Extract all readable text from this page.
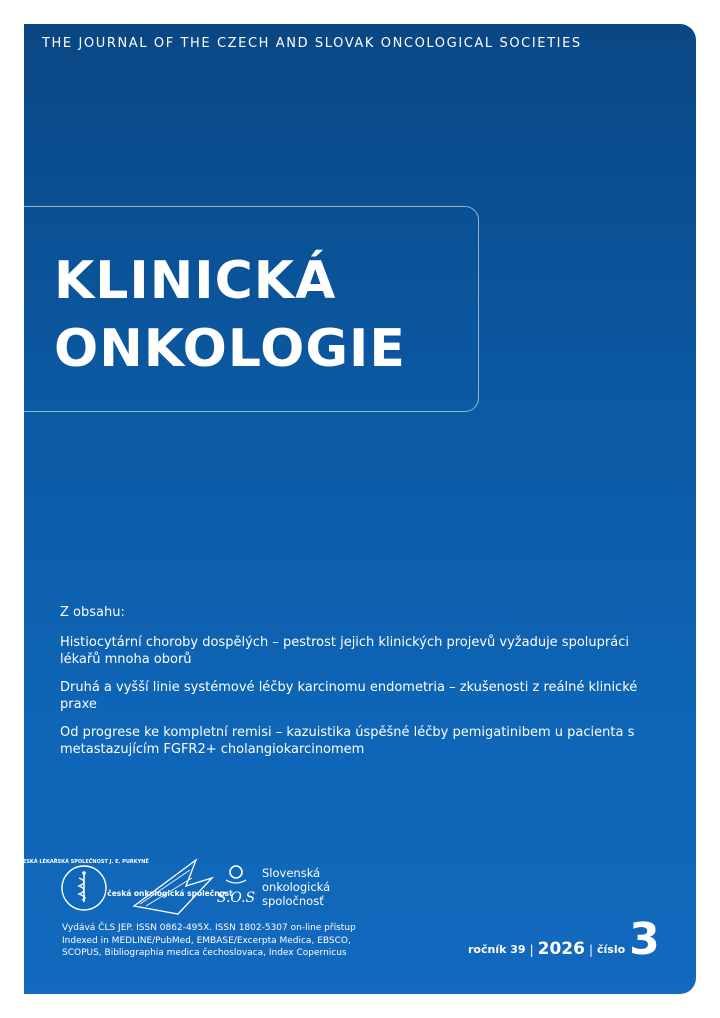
THE JOURNAL OF THE CZECH AND SLOVAK ONCOLOGICAL SOCIETIES
KLINICKÁ
ONKOLOGIE
Z obsahu:
Histiocytární choroby dospělých – pestrost jejich klinických projevů vyžaduje spolupráci lékařů mnoha oborů
Druhá a vyšší linie systémové léčby karcinomu endometria – zkušenosti z reálné klinické praxe
Od progrese ke kompletní remisi – kazuistika úspěšné léčby pemigatinibem u pacienta s metastazujícím FGFR2+ cholangiokarcinomem
ČESKÁ LÉKAŘSKÁ SPOLEČNOST J. E. PURKYNĚ
česká onkologická společnost
S.O.S
Slovenská
onkologická
spoločnosť
Vydává ČLS JEP. ISSN 0862-495X. ISSN 1802-5307 on-line přístup
Indexed in MEDLINE/PubMed, EMBASE/Excerpta Medica, EBSCO,
SCOPUS, Bibliographia medica čechoslovaca, Index Copernicus	ročník 39 | 2026 | číslo 3
